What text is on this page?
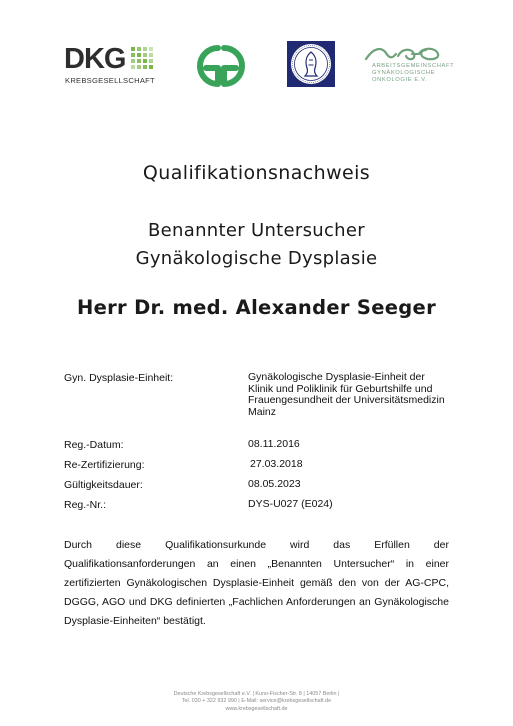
DKG
KREBSGESELLSCHAFT
ARBEITSGEMEINSCHAFT
GYNÄKOLOGISCHE
ONKOLOGIE E.V.
Qualifikationsnachweis
Benannter Untersucher
Gynäkologische Dysplasie
Herr Dr. med. Alexander Seeger
Gyn. Dysplasie-Einheit:	Gynäkologische Dysplasie-Einheit der
Klinik und Poliklinik für Geburtshilfe und
Frauengesundheit der Universitätsmedizin
Mainz
Reg.-Datum:	08.11.2016
Re-Zertifizierung:	27.03.2018
Gültigkeitsdauer:	08.05.2023
Reg.-Nr.:	DYS-U027 (E024)
Durch diese Qualifikationsurkunde wird das Erfüllen der Qualifikationsanforderungen an einen „Benannten Untersucher“ in einer zertifizierten Gynäkologischen Dysplasie-Einheit gemäß den von der AG-CPC, DGGG, AGO und DKG definierten „Fachlichen Anforderungen an Gynäkologische Dysplasie-Einheiten“ bestätigt.
Deutsche Krebsgesellschaft e.V. | Kuno-Fischer-Str. 8 | 14057 Berlin |
Tel. 030 + 322 932 990 | E-Mail: service@krebsgesellschaft.de
www.krebsgesellschaft.de
